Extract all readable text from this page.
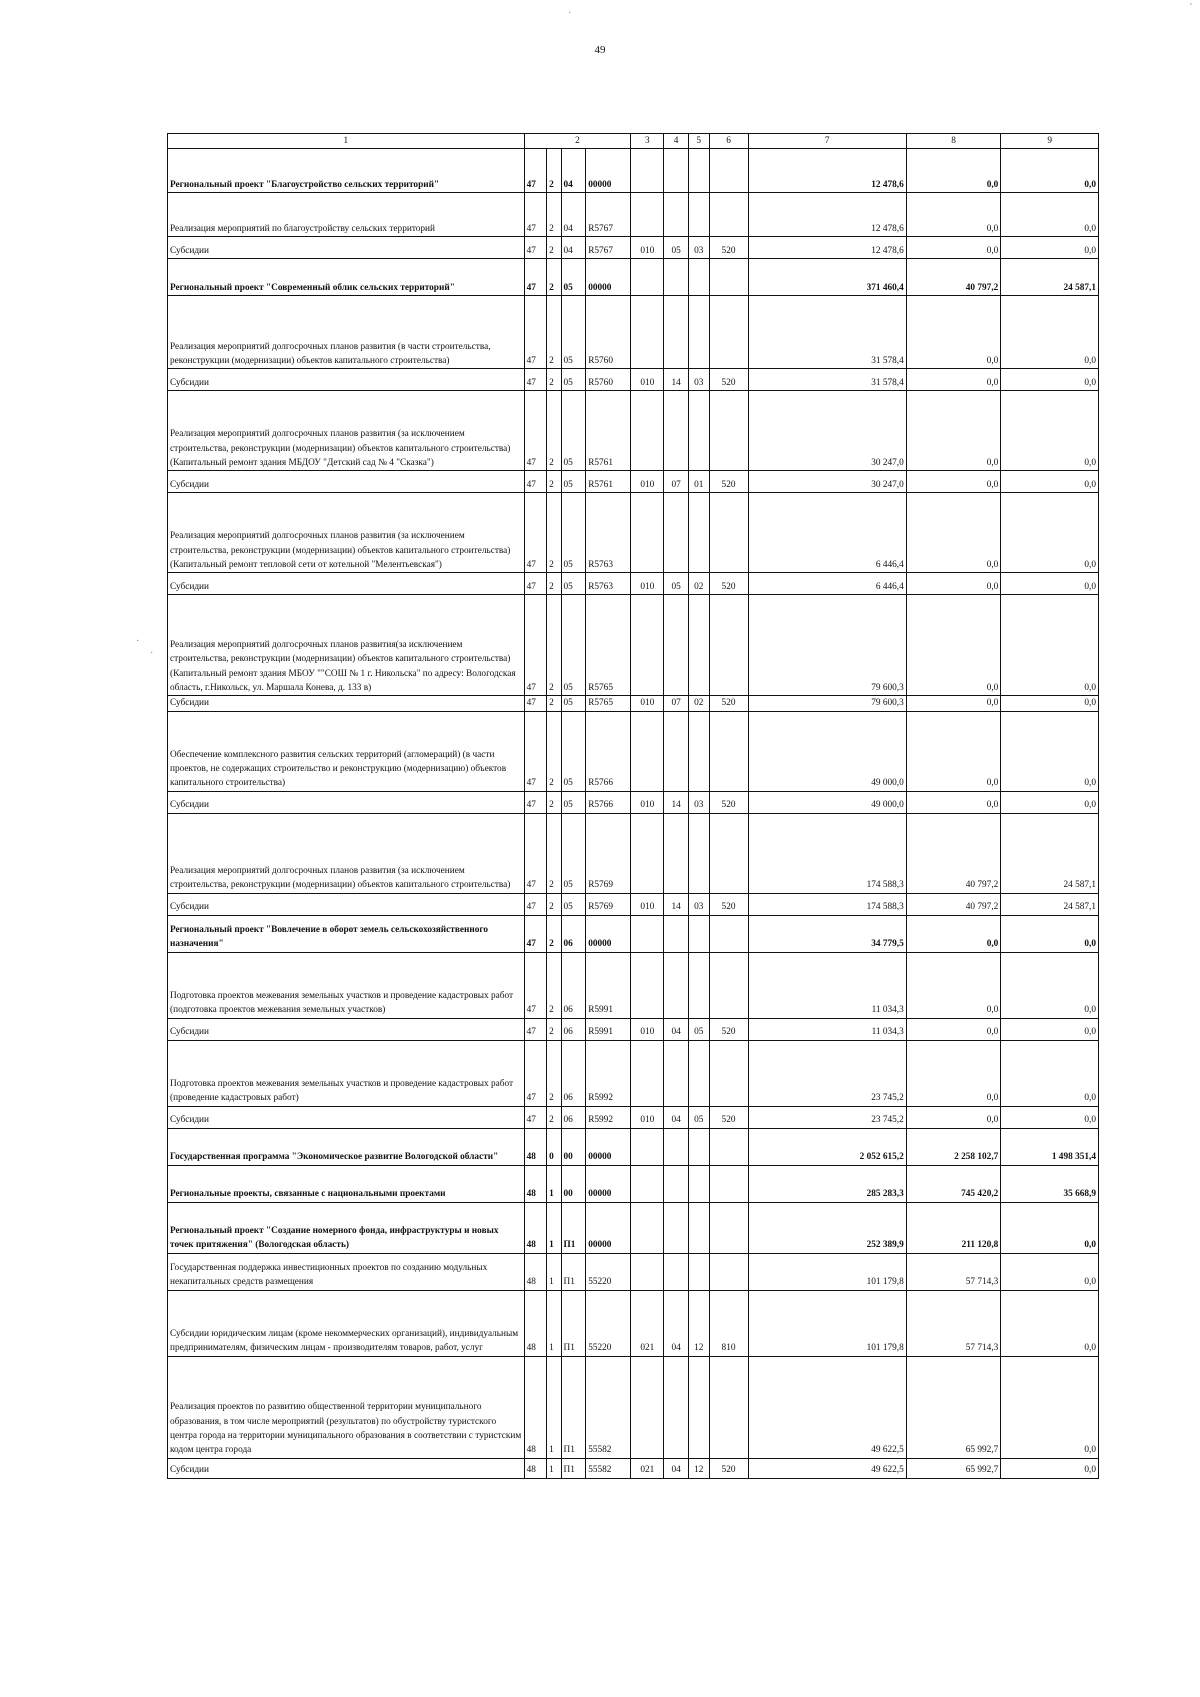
49
·
'
·
·
1	2				3	4	5	6	7	8	9
Региональный проект "Благоустройство сельских территорий"	47	2	04	00000					12 478,6	0,0	0,0
Реализация мероприятий по благоустройству сельских территорий	47	2	04	R5767					12 478,6	0,0	0,0
Субсидии	47	2	04	R5767	010	05	03	520	12 478,6	0,0	0,0
Региональный проект "Современный облик сельских территорий"	47	2	05	00000					371 460,4	40 797,2	24 587,1
Реализация мероприятий долгосрочных планов развития (в части строительства, реконструкции (модернизации) объектов капитального строительства)	47	2	05	R5760					31 578,4	0,0	0,0
Субсидии	47	2	05	R5760	010	14	03	520	31 578,4	0,0	0,0
Реализация мероприятий долгосрочных планов развития (за исключением строительства, реконструкции (модернизации) объектов капитального строительства) (Капитальный ремонт здания МБДОУ "Детский сад № 4 "Сказка")	47	2	05	R5761					30 247,0	0,0	0,0
Субсидии	47	2	05	R5761	010	07	01	520	30 247,0	0,0	0,0
Реализация мероприятий долгосрочных планов развития (за исключением строительства, реконструкции (модернизации) объектов капитального строительства)(Капитальный ремонт тепловой сети от котельной "Мелентьевская")	47	2	05	R5763					6 446,4	0,0	0,0
Субсидии	47	2	05	R5763	010	05	02	520	6 446,4	0,0	0,0
Реализация мероприятий долгосрочных планов развития(за исключением строительства, реконструкции (модернизации) объектов капитального строительства)(Капитальный ремонт здания МБОУ ""СОШ № 1 г. Никольска" по адресу: Вологодская область, г.Никольск, ул. Маршала Конева, д. 133 в)	47	2	05	R5765					79 600,3	0,0	0,0
Субсидии	47	2	05	R5765	010	07	02	520	79 600,3	0,0	0,0
Обеспечение комплексного развития сельских территорий (агломераций) (в части проектов, не содержащих строительство и реконструкцию (модернизацию) объектов капитального строительства)	47	2	05	R5766					49 000,0	0,0	0,0
Субсидии	47	2	05	R5766	010	14	03	520	49 000,0	0,0	0,0
Реализация мероприятий долгосрочных планов развития (за исключением строительства, реконструкции (модернизации) объектов капитального строительства)	47	2	05	R5769					174 588,3	40 797,2	24 587,1
Субсидии	47	2	05	R5769	010	14	03	520	174 588,3	40 797,2	24 587,1
Региональный проект "Вовлечение в оборот земель сельскохозяйственного назначения"	47	2	06	00000					34 779,5	0,0	0,0
Подготовка проектов межевания земельных участков и проведение кадастровых работ (подготовка проектов межевания земельных участков)	47	2	06	R5991					11 034,3	0,0	0,0
Субсидии	47	2	06	R5991	010	04	05	520	11 034,3	0,0	0,0
Подготовка проектов межевания земельных участков и проведение кадастровых работ (проведение кадастровых работ)	47	2	06	R5992					23 745,2	0,0	0,0
Субсидии	47	2	06	R5992	010	04	05	520	23 745,2	0,0	0,0
Государственная программа "Экономическое развитие Вологодской области"	48	0	00	00000					2 052 615,2	2 258 102,7	1 498 351,4
Региональные проекты, связанные с национальными проектами	48	1	00	00000					285 283,3	745 420,2	35 668,9
Региональный проект "Создание номерного фонда, инфраструктуры и новых точек притяжения" (Вологодская область)	48	1	П1	00000					252 389,9	211 120,8	0,0
Государственная поддержка инвестиционных проектов по созданию модульных некапитальных средств размещения	48	1	П1	55220					101 179,8	57 714,3	0,0
Субсидии юридическим лицам (кроме некоммерческих организаций), индивидуальным предпринимателям, физическим лицам - производителям товаров, работ, услуг	48	1	П1	55220	021	04	12	810	101 179,8	57 714,3	0,0
Реализация проектов по развитию общественной территории муниципального образования, в том числе мероприятий (результатов) по обустройству туристского центра города на территории муниципального образования в соответствии с туристским кодом центра города	48	1	П1	55582					49 622,5	65 992,7	0,0
Субсидии	48	1	П1	55582	021	04	12	520	49 622,5	65 992,7	0,0
